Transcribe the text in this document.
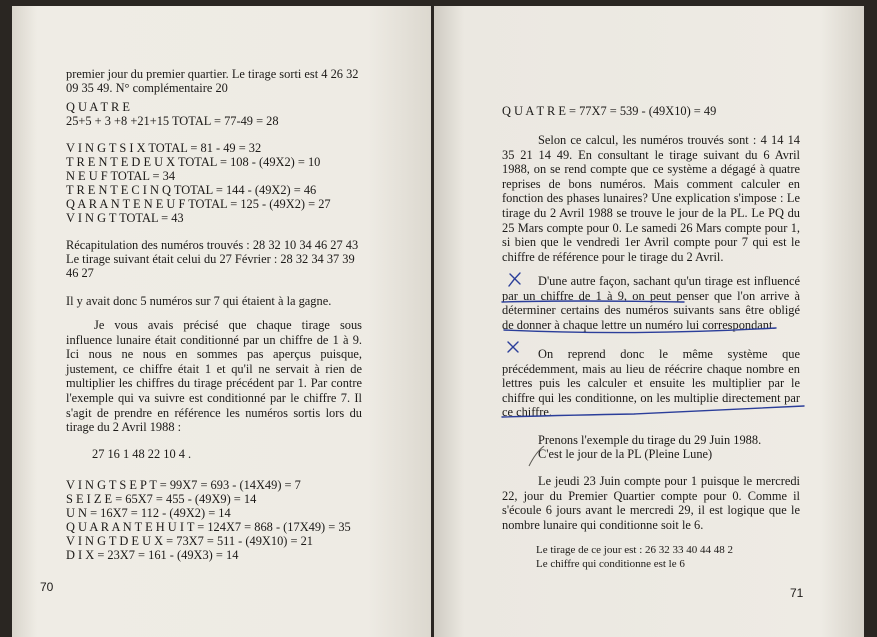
premier jour du premier quartier. Le tirage sorti est 4 26 32
09 35 49. N° complémentaire 20
Q U A T R E
25+5 + 3 +8 +21+15 TOTAL = 77-49 = 28
V I N G T S I X TOTAL = 81 - 49 = 32
T R E N T E D E U X TOTAL = 108 - (49X2) = 10
N E U F TOTAL = 34
T R E N T E C I N Q TOTAL = 144 - (49X2) = 46
Q A R A N T E N E U F TOTAL = 125 - (49X2) = 27
V I N G T TOTAL = 43
Récapitulation des numéros trouvés : 28 32 10 34 46 27 43
Le tirage suivant était celui du 27 Février : 28 32 34 37 39
46 27
Il y avait donc 5 numéros sur 7 qui étaient à la gagne.
Je vous avais précisé que chaque tirage sous influence lunaire était conditionné par un chiffre de 1 à 9. Ici nous ne nous en sommes pas aperçus puisque, justement, ce chiffre était 1 et qu'il ne servait à rien de multiplier les chiffres du tirage précédent par 1. Par contre l'exemple qui va suivre est conditionné par le chiffre 7. Il s'agit de prendre en référence les numéros sortis lors du tirage du 2 Avril 1988 :
27 16 1 48 22 10 4 .
V I N G T S E P T = 99X7 = 693 - (14X49) = 7
S E I Z E = 65X7 = 455 - (49X9) = 14
U N = 16X7 = 112 - (49X2) = 14
Q U A R A N T E H U I T = 124X7 = 868 - (17X49) = 35
V I N G T D E U X = 73X7 = 511 - (49X10) = 21
D I X = 23X7 = 161 - (49X3) = 14
70
Q U A T R E = 77X7 = 539 - (49X10) = 49
Selon ce calcul, les numéros trouvés sont : 4 14 14 35 21 14 49. En consultant le tirage suivant du 6 Avril 1988, on se rend compte que ce système a dégagé à quatre reprises de bons numéros. Mais comment calculer en fonction des phases lunaires? Une explication s'impose : Le tirage du 2 Avril 1988 se trouve le jour de la PL. Le PQ du 25 Mars compte pour 0. Le samedi 26 Mars compte pour 1, si bien que le vendredi 1er Avril compte pour 7 qui est le chiffre de référence pour le tirage du 2 Avril.
D'une autre façon, sachant qu'un tirage est influencé par un chiffre de 1 à 9, on peut penser que l'on arrive à déterminer certains des numéros suivants sans être obligé de donner à chaque lettre un numéro lui correspondant.
On reprend donc le même système que précédemment, mais au lieu de réécrire chaque nombre en lettres puis les calculer et ensuite les multiplier par le chiffre qui les conditionne, on les multiplie directement par ce chiffre.
Prenons l'exemple du tirage du 29 Juin 1988.
C'est le jour de la PL (Pleine Lune)
Le jeudi 23 Juin compte pour 1 puisque le mercredi 22, jour du Premier Quartier compte pour 0. Comme il s'écoule 6 jours avant le mercredi 29, il est logique que le nombre lunaire qui conditionne soit le 6.
Le tirage de ce jour est : 26 32 33 40 44 48 2
Le chiffre qui conditionne est le 6
71
